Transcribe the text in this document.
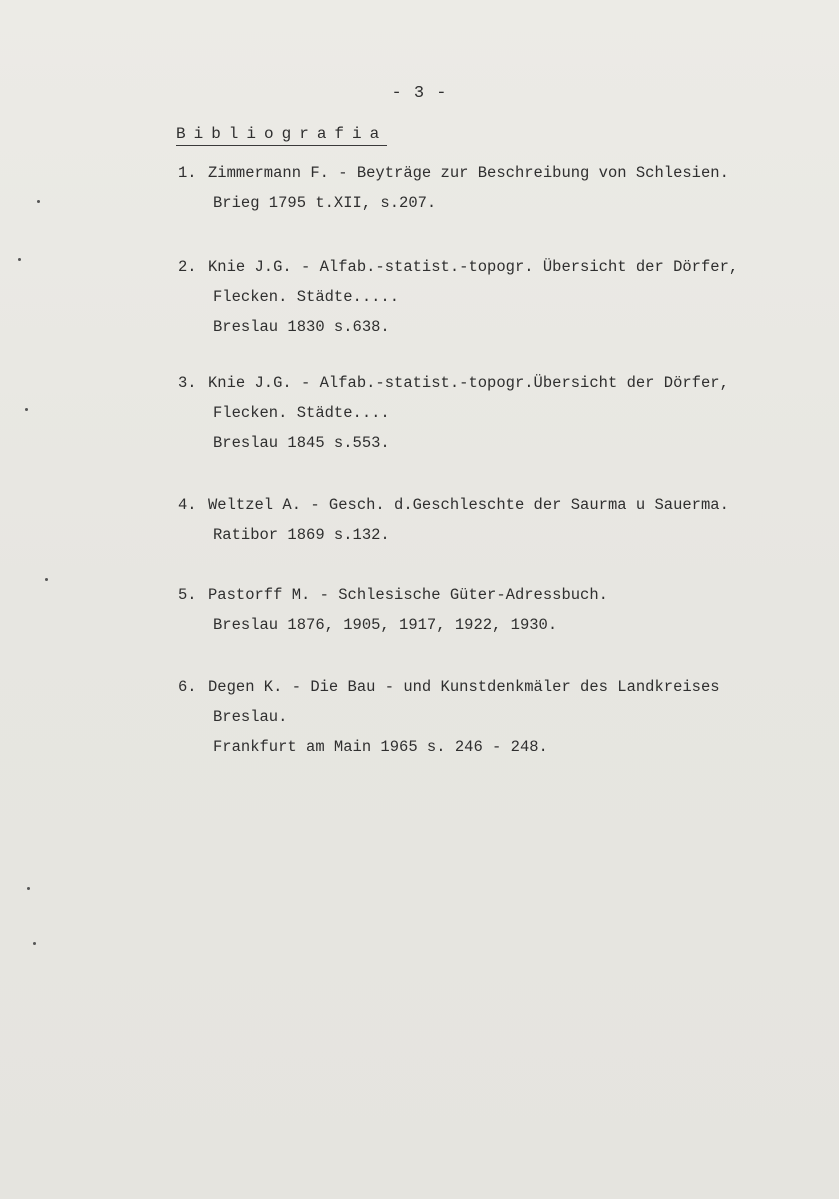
- 3 -
Bibliografia
1. Zimmermann F. - Beyträge zur Beschreibung von Schlesien.
Brieg 1795 t.XII, s.207.
2. Knie J.G. - Alfab.-statist.-topogr. Übersicht der Dörfer,
Flecken. Städte.....
Breslau 1830 s.638.
3. Knie J.G. - Alfab.-statist.-topogr.Übersicht der Dörfer,
Flecken. Städte....
Breslau 1845 s.553.
4. Weltzel A. - Gesch. d.Geschleschte der Saurma u Sauerma.
Ratibor 1869 s.132.
5. Pastorff M. - Schlesische Güter-Adressbuch.
Breslau 1876, 1905, 1917, 1922, 1930.
6. Degen K. - Die Bau - und Kunstdenkmäler des Landkreises
Breslau.
Frankfurt am Main 1965 s. 246 - 248.
